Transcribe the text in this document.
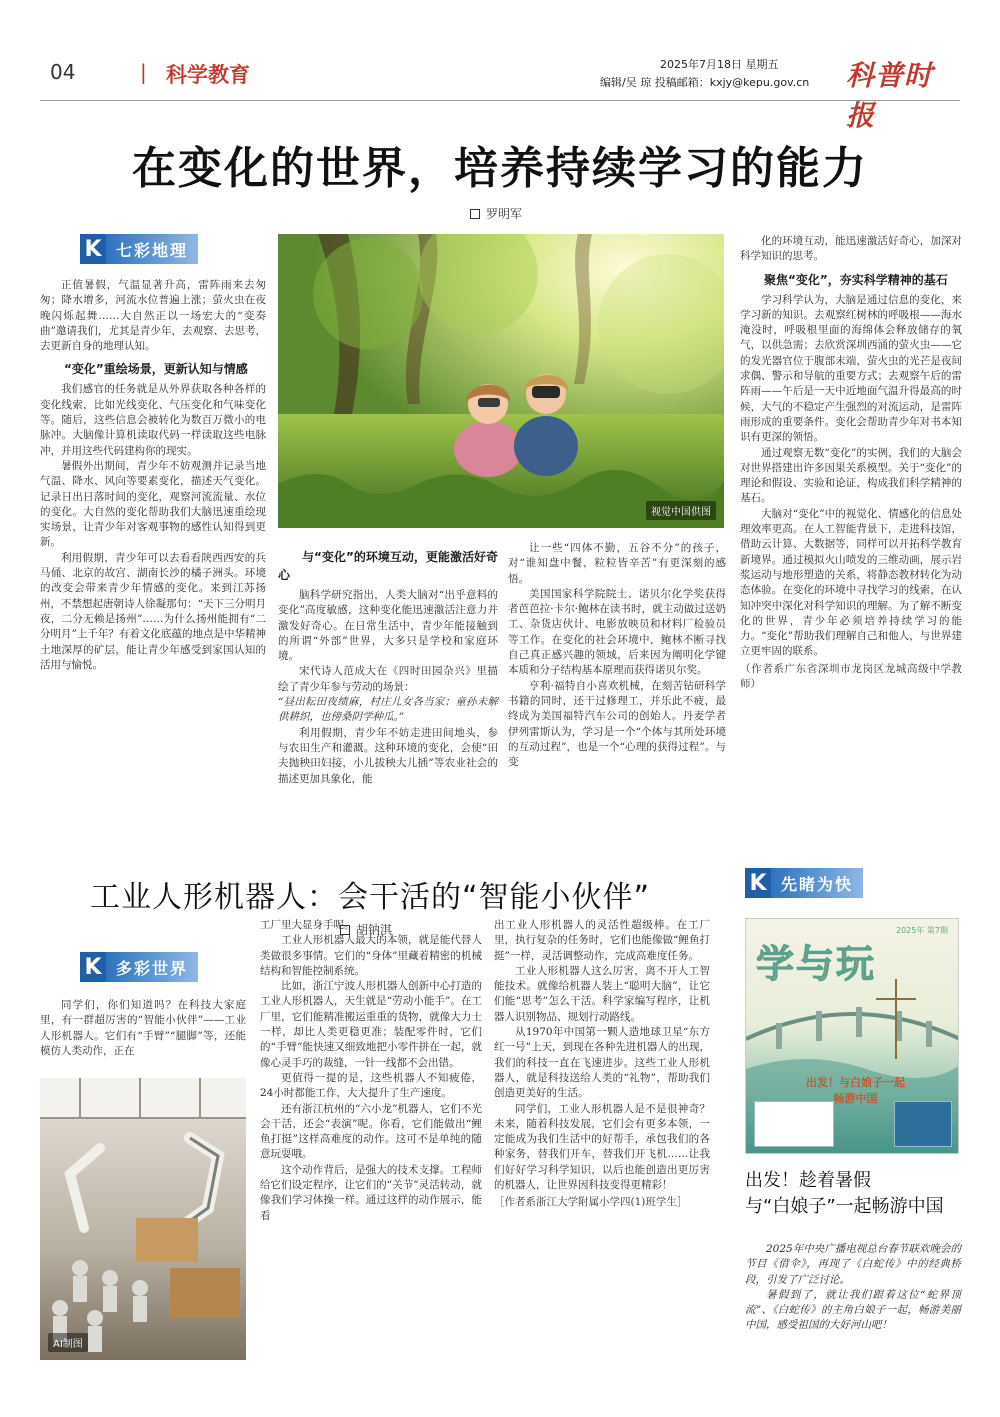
04	| 科学教育	2025年7月18日 星期五
编辑/吴 琼 投稿邮箱：kxjy@kepu.gov.cn 科普时报
在变化的世界，培养持续学习的能力
罗明军
K 七彩地理

正值暑假，气温显著升高，雷阵雨来去匆匆；降水增多，河流水位普遍上涨；萤火虫在夜晚闪烁起舞……大自然正以一场宏大的“变奏曲”邀请我们，尤其是青少年，去观察、去思考，去更新自身的地理认知。

“变化”重绘场景，更新认知与情感

我们感官的任务就是从外界获取各种各样的变化线索，比如光线变化、气压变化和气味变化等。随后，这些信息会被转化为数百万微小的电脉冲。大脑像计算机读取代码一样读取这些电脉冲，并用这些代码建构你的现实。

暑假外出期间，青少年不妨观测并记录当地气温、降水、风向等要素变化，描述天气变化。记录日出日落时间的变化，观察河流流量、水位的变化。大自然的变化帮助我们大脑迅速重绘现实场景，让青少年对客观事物的感性认知得到更新。

利用假期，青少年可以去看看陕西西安的兵马俑、北京的故宫、湖南长沙的橘子洲头。环境的改变会带来青少年情感的变化。来到江苏扬州，不禁想起唐朝诗人徐凝那句：“天下三分明月夜，二分无赖是扬州”……为什么扬州能拥有“二分明月”上千年？有着文化底蕴的地点是中华精神土地深厚的矿层，能让青少年感受到家国认知的活用与愉悦。

视觉中国供图
与“变化”的环境互动，更能激活好奇心

脑科学研究指出，人类大脑对“出乎意料的变化”高度敏感，这种变化能迅速激活注意力并激发好奇心。在日常生活中，青少年能接触到的所谓“外部”世界，大多只是学校和家庭环境。

宋代诗人范成大在《四时田园杂兴》里描绘了青少年参与劳动的场景：

“昼出耘田夜绩麻，村庄儿女各当家；童孙未解供耕织，也傍桑阴学种瓜。”

利用假期，青少年不妨走进田间地头，参与农田生产和灌溉。这种环境的变化，会使“田夫抛秧田妇接，小儿拔秧大儿插”等农业社会的描述更加具象化，能

让一些“四体不勤，五谷不分”的孩子，对“谁知盘中餐，粒粒皆辛苦”有更深刻的感悟。

美国国家科学院院士、诺贝尔化学奖获得者芭芭拉·卡尔·鲍林在读书时，就主动做过送奶工、杂货店伙计、电影放映员和材料厂检验员等工作。在变化的社会环境中，鲍林不断寻找自己真正感兴趣的领域，后来因为阐明化学键本质和分子结构基本原理而获得诺贝尔奖。

亨利·福特自小喜欢机械，在刻苦钻研科学书籍的同时，还干过修理工，并乐此不疲，最终成为美国福特汽车公司的创始人。丹麦学者伊列雷斯认为，学习是一个“个体与其所处环境的互动过程”，也是一个“心理的获得过程”。与变

化的环境互动，能迅速激活好奇心，加深对科学知识的思考。

聚焦“变化”，夯实科学精神的基石

学习科学认为，大脑是通过信息的变化，来学习新的知识。去观察红树林的呼吸根——海水淹没时，呼吸根里面的海绵体会释放储存的氧气，以供急需；去欣赏深圳西涌的萤火虫——它的发光器官位于腹部末端，萤火虫的光芒是夜间求偶、警示和导航的重要方式；去观察午后的雷阵雨——午后是一天中近地面气温升得最高的时候，大气的不稳定产生强烈的对流运动，是雷阵雨形成的重要条件。变化会帮助青少年对书本知识有更深的领悟。

通过观察无数“变化”的实例，我们的大脑会对世界搭建出许多因果关系模型。关于“变化”的理论和假设、实验和论证，构成我们科学精神的基石。

大脑对“变化”中的视觉化、情感化的信息处理效率更高。在人工智能背景下，走进科技馆，借助云计算、大数据等，同样可以开拓科学教育新境界。通过模拟火山喷发的三维动画，展示岩浆运动与地形塑造的关系，将静态教材转化为动态体验。在变化的环境中寻找学习的线索，在认知冲突中深化对科学知识的理解。为了解不断变化的世界，青少年必须培养持续学习的能力。“变化”帮助我们理解自己和他人，与世界建立更牢固的联系。

（作者系广东省深圳市龙岗区龙城高级中学教师）
工业人形机器人：会干活的“智能小伙伴”
胡钠淇
K 多彩世界

同学们，你们知道吗？在科技大家庭里，有一群超厉害的“智能小伙伴”——工业人形机器人。它们有“手臂”“腿脚”等，还能模仿人类动作，正在

AI制图

工厂里大显身手呢。

工业人形机器人最大的本领，就是能代替人类做很多事情。它们的“身体”里藏着精密的机械结构和智能控制系统。

比如，浙江宁波人形机器人创新中心打造的工业人形机器人，天生就是“劳动小能手”。在工厂里，它们能精准搬运重重的货物，就像大力士一样，却比人类更稳更准；装配零件时，它们的“手臂”能快速又细致地把小零件拼在一起，就像心灵手巧的裁缝，一针一线都不会出错。

更值得一提的是，这些机器人不知疲倦，24小时都能工作，大大提升了生产速度。

还有浙江杭州的“六小龙”机器人，它们不光会干活，还会“表演”呢。你看，它们能做出“鲤鱼打挺”这样高难度的动作。这可不是单纯的随意玩耍哦。

这个动作背后，是强大的技术支撑。工程师给它们设定程序，让它们的“关节”灵活转动，就像我们学习体操一样。通过这样的动作展示，能看

出工业人形机器人的灵活性超级棒。在工厂里，执行复杂的任务时，它们也能像做“鲤鱼打挺”一样，灵活调整动作，完成高难度任务。

工业人形机器人这么厉害，离不开人工智能技术。就像给机器人装上“聪明大脑”，让它们能“思考”怎么干活。科学家编写程序，让机器人识别物品、规划行动路线。

从1970年中国第一颗人造地球卫星“东方红一号”上天，到现在各种先进机器人的出现，我们的科技一直在飞速进步。这些工业人形机器人，就是科技送给人类的“礼物”，帮助我们创造更美好的生活。

同学们，工业人形机器人是不是很神奇？未来，随着科技发展，它们会有更多本领，一定能成为我们生活中的好帮手，承包我们的各种家务，替我们开车，替我们开飞机……让我们好好学习科学知识，以后也能创造出更厉害的机器人，让世界因科技变得更精彩！

［作者系浙江大学附属小学四(1)班学生］
K 先睹为快
2025年 第7期
学与玩
出发！与白娘子一起
畅游中国
出发！趁着暑假
与“白娘子”一起畅游中国

2025年中央广播电视总台春节联欢晚会的节目《借伞》，再现了《白蛇传》中的经典桥段，引发了广泛讨论。

暑假到了，就让我们跟着这位“蛇界顶流”、《白蛇传》的主角白娘子一起，畅游美丽中国，感受祖国的大好河山吧！
